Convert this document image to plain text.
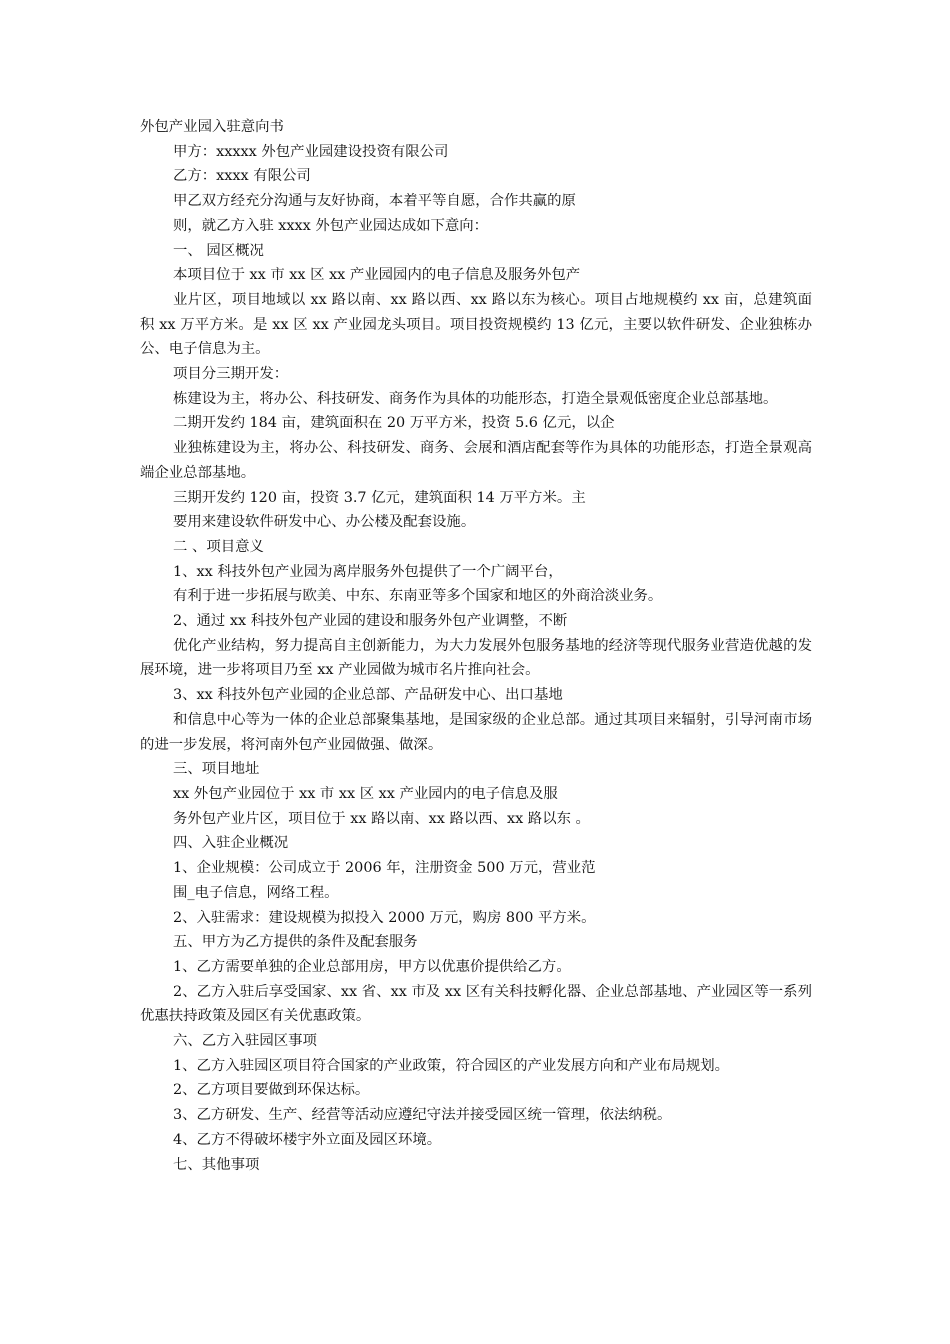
外包产业园入驻意向书
甲方：xxxxx 外包产业园建设投资有限公司
乙方：xxxx 有限公司
甲乙双方经充分沟通与友好协商，本着平等自愿，合作共赢的原
则，就乙方入驻 xxxx 外包产业园达成如下意向：
一、 园区概况
本项目位于 xx 市 xx 区 xx 产业园园内的电子信息及服务外包产
业片区，项目地域以 xx 路以南、xx 路以西、xx 路以东为核心。项目占地规模约 xx 亩，总建筑面积 xx 万平方米。是 xx 区 xx 产业园龙头项目。项目投资规模约 13 亿元，主要以软件研发、企业独栋办公、电子信息为主。
项目分三期开发：
栋建设为主，将办公、科技研发、商务作为具体的功能形态，打造全景观低密度企业总部基地。
二期开发约 184 亩，建筑面积在 20 万平方米，投资 5.6 亿元，以企
业独栋建设为主，将办公、科技研发、商务、会展和酒店配套等作为具体的功能形态，打造全景观高端企业总部基地。
三期开发约 120 亩，投资 3.7 亿元，建筑面积 14 万平方米。主
要用来建设软件研发中心、办公楼及配套设施。
二 、项目意义
1、xx 科技外包产业园为离岸服务外包提供了一个广阔平台，
有利于进一步拓展与欧美、中东、东南亚等多个国家和地区的外商洽淡业务。
2、通过 xx 科技外包产业园的建设和服务外包产业调整，不断
优化产业结构，努力提高自主创新能力，为大力发展外包服务基地的经济等现代服务业营造优越的发展环境，进一步将项目乃至 xx 产业园做为城市名片推向社会。
3、xx 科技外包产业园的企业总部、产品研发中心、出口基地
和信息中心等为一体的企业总部聚集基地，是国家级的企业总部。通过其项目来辐射，引导河南市场的进一步发展，将河南外包产业园做强、做深。
三、项目地址
xx 外包产业园位于 xx 市 xx 区 xx 产业园内的电子信息及服
务外包产业片区，项目位于 xx 路以南、xx 路以西、xx 路以东 。
四、入驻企业概况
1、企业规模：公司成立于 2006 年，注册资金 500 万元，营业范
围_电子信息，网络工程。
2、入驻需求：建设规模为拟投入 2000 万元，购房 800 平方米。
五、甲方为乙方提供的条件及配套服务
1、乙方需要单独的企业总部用房，甲方以优惠价提供给乙方。
2、乙方入驻后享受国家、xx 省、xx 市及 xx 区有关科技孵化器、企业总部基地、产业园区等一系列优惠扶持政策及园区有关优惠政策。
六、乙方入驻园区事项
1、乙方入驻园区项目符合国家的产业政策，符合园区的产业发展方向和产业布局规划。
2、乙方项目要做到环保达标。
3、乙方研发、生产、经营等活动应遵纪守法并接受园区统一管理，依法纳税。
4、乙方不得破坏楼宇外立面及园区环境。
七、其他事项
